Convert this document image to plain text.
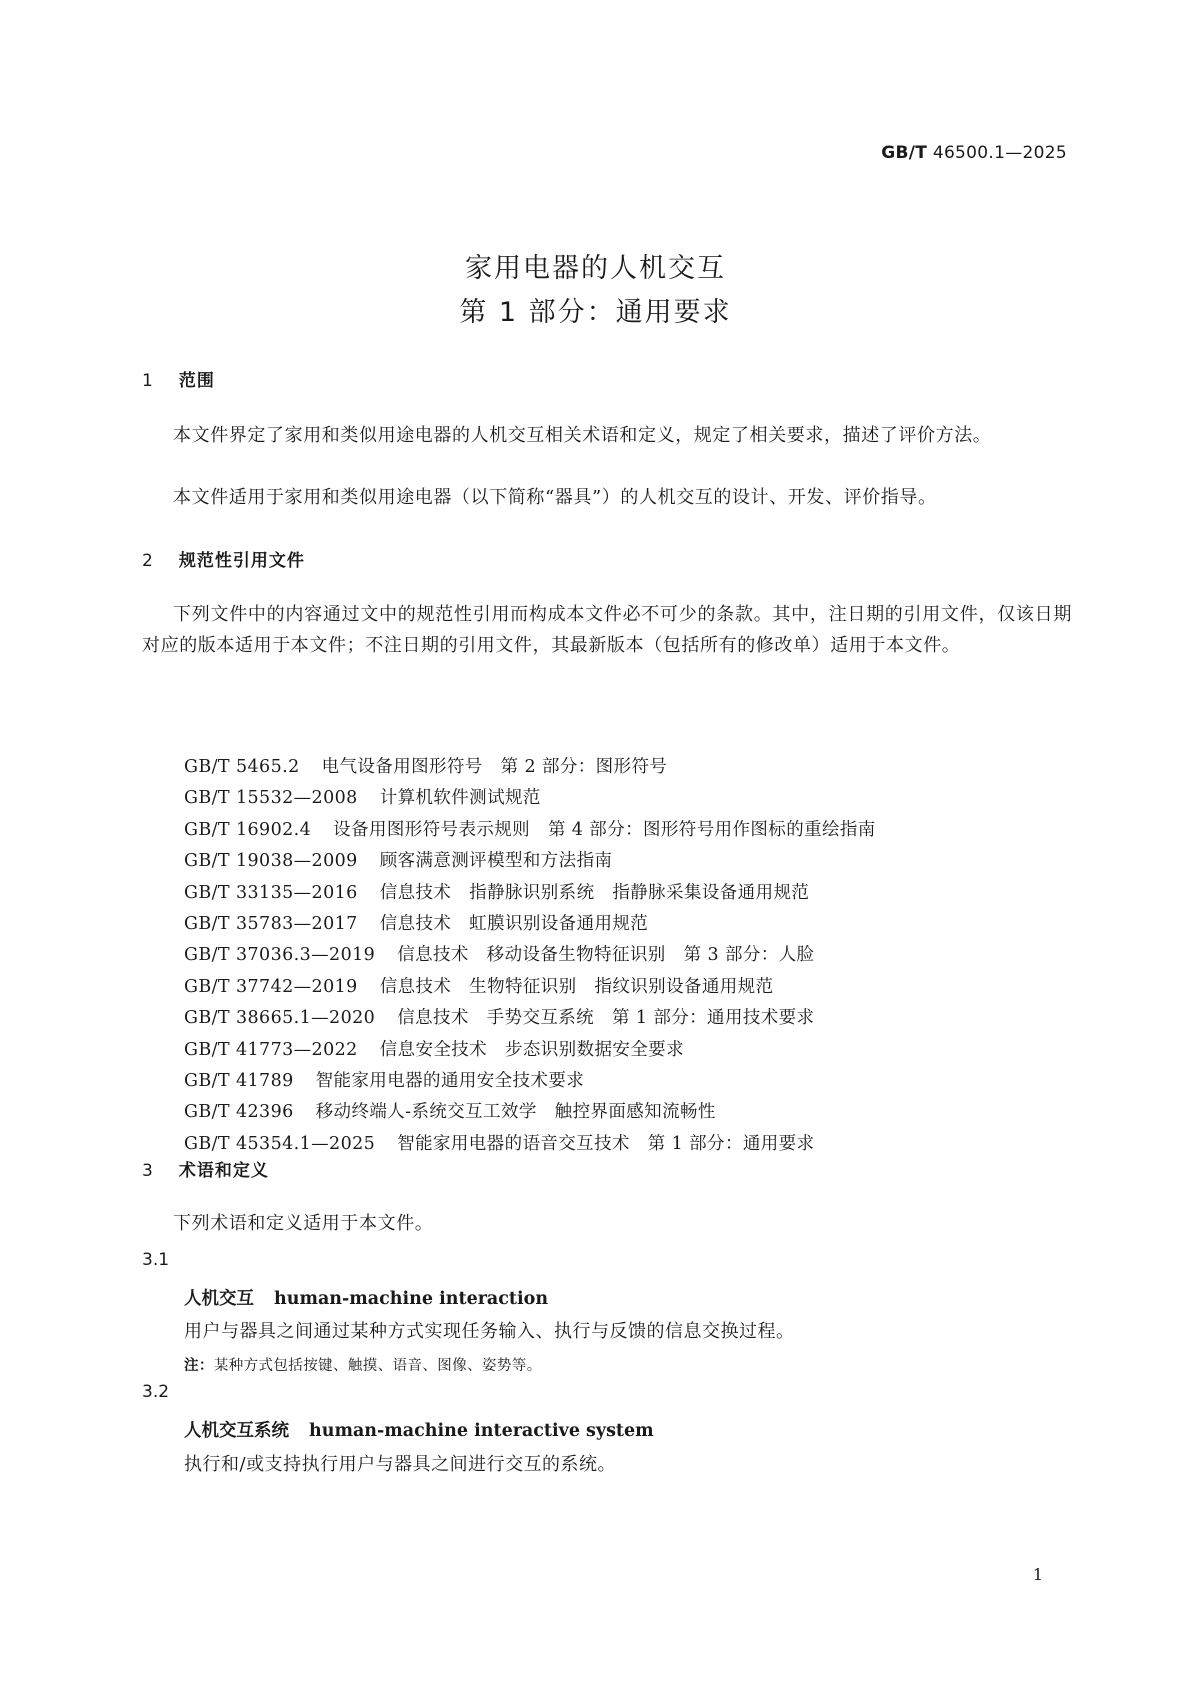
GB/T 46500.1—2025
家用电器的人机交互
第 1 部分：通用要求
1 范围
本文件界定了家用和类似用途电器的人机交互相关术语和定义，规定了相关要求，描述了评价方法。
本文件适用于家用和类似用途电器（以下简称“器具”）的人机交互的设计、开发、评价指导。
2 规范性引用文件
下列文件中的内容通过文中的规范性引用而构成本文件必不可少的条款。其中，注日期的引用文件，仅该日期对应的版本适用于本文件；不注日期的引用文件，其最新版本（包括所有的修改单）适用于本文件。
GB/T 5465.2 电气设备用图形符号　第 2 部分：图形符号
GB/T 15532—2008 计算机软件测试规范
GB/T 16902.4 设备用图形符号表示规则　第 4 部分：图形符号用作图标的重绘指南
GB/T 19038—2009 顾客满意测评模型和方法指南
GB/T 33135—2016 信息技术　指静脉识别系统　指静脉采集设备通用规范
GB/T 35783—2017 信息技术　虹膜识别设备通用规范
GB/T 37036.3—2019 信息技术　移动设备生物特征识别　第 3 部分：人脸
GB/T 37742—2019 信息技术　生物特征识别　指纹识别设备通用规范
GB/T 38665.1—2020 信息技术　手势交互系统　第 1 部分：通用技术要求
GB/T 41773—2022 信息安全技术　步态识别数据安全要求
GB/T 41789 智能家用电器的通用安全技术要求
GB/T 42396 移动终端人-系统交互工效学　触控界面感知流畅性
GB/T 45354.1—2025 智能家用电器的语音交互技术　第 1 部分：通用要求
3 术语和定义
下列术语和定义适用于本文件。
3.1
人机交互 human-machine interaction
用户与器具之间通过某种方式实现任务输入、执行与反馈的信息交换过程。
注：某种方式包括按键、触摸、语音、图像、姿势等。
3.2
人机交互系统 human-machine interactive system
执行和/或支持执行用户与器具之间进行交互的系统。
1
